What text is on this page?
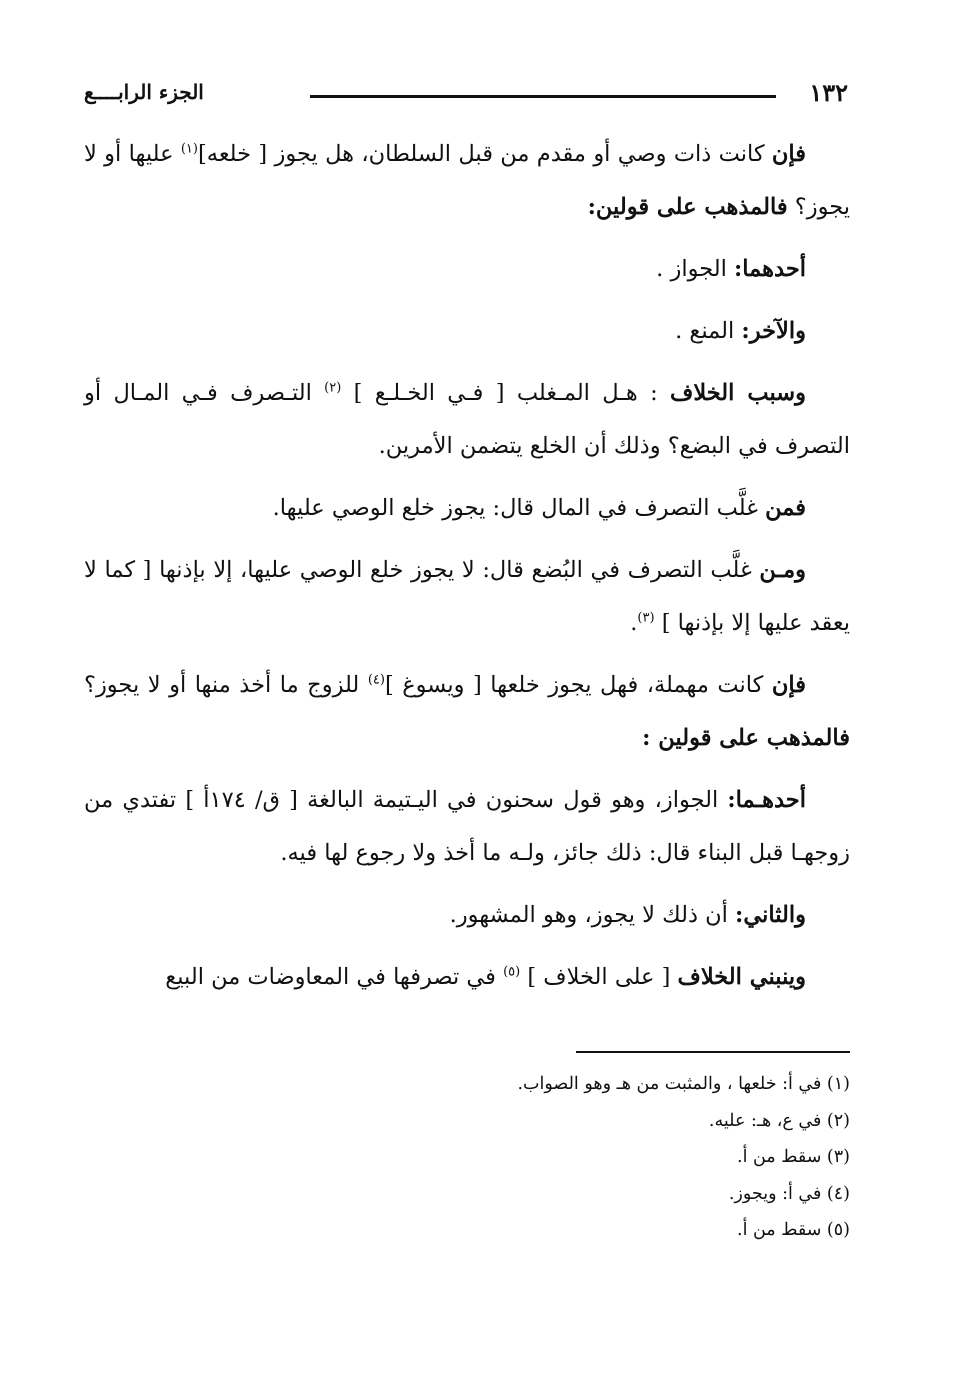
١٣٢
الجزء الرابــــع

فإن كانت ذات وصي أو مقدم من قبل السلطان، هل يجوز [ خلعه]$^{(١)}$ عليها أو لا يجوز؟ فالمذهب على قولين:

أحدهما: الجواز .

والآخر: المنع .

وسبب الخلاف : هـل المـغلب [ فـي الخـلـع ] $^{(٢)}$ التـصرف فـي المـال أو التصرف في البضع؟ وذلك أن الخلع يتضمن الأمرين.

فمن غلَّب التصرف في المال قال: يجوز خلع الوصي عليها.

ومـن غلَّب التصرف في البُضع قال: لا يجوز خلع الوصي عليها، إلا بإذنها [ كما لا يعقد عليها إلا بإذنها ] $^{(٣)}$.

فإن كانت مهملة، فهل يجوز خلعها [ ويسوغ ]$^{(٤)}$ للزوج ما أخذ منها أو لا يجوز؟ فالمذهب على قولين :

أحدهـما: الجواز، وهو قول سحنون في اليـتيمة البالغة [ ق/ ١٧٤أ ] تفتدي من زوجهـا قبل البناء قال: ذلك جائز، ولـه ما أخذ ولا رجوع لها فيه.

والثاني: أن ذلك لا يجوز، وهو المشهور.

وينبني الخلاف [ على الخلاف ] $^{(٥)}$ في تصرفها في المعاوضات من البيع

(١) في أ: خلعها ، والمثبت من هـ وهو الصواب.
(٢) في ع، هـ: عليه.
(٣) سقط من أ.
(٤) في أ: ويجوز.
(٥) سقط من أ.
